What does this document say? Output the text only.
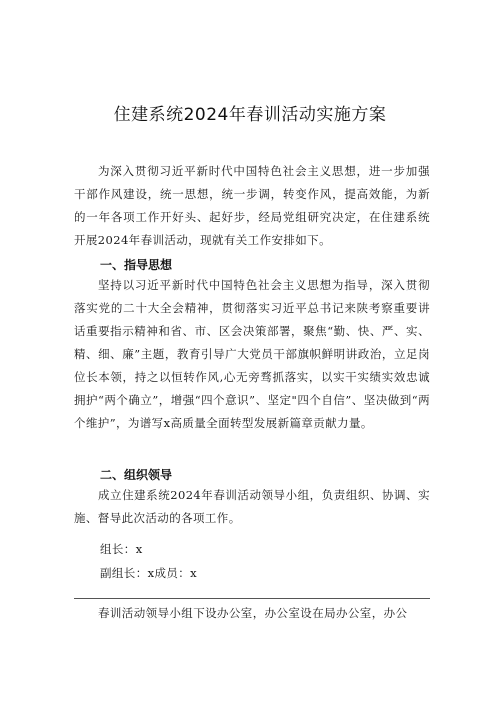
住建系统2024年春训活动实施方案
为深入贯彻习近平新时代中国特色社会主义思想，进一步加强干部作风建设，统一思想，统一步调，转变作风，提高效能，为新的一年各项工作开好头、起好步，经局党组研究决定，在住建系统开展2024年春训活动，现就有关工作安排如下。
一、指导思想
坚持以习近平新时代中国特色社会主义思想为指导，深入贯彻落实党的二十大全会精神，贯彻落实习近平总书记来陕考察重要讲话重要指示精神和省、市、区会决策部署，聚焦“勤、快、严、实、精、细、廉”主题，教育引导广大党员干部旗帜鲜明讲政治，立足岗位长本领，持之以恒转作风,心无旁骛抓落实，以实干实绩实效忠诚拥护“两个确立”，增强“四个意识”、坚定"四个自信”、坚决做到“两个维护”，为谱写x高质量全面转型发展新篇章贡献力量。
二、组织领导
成立住建系统2024年春训活动领导小组，负责组织、协调、实施、督导此次活动的各项工作。
组长：x
副组长：x成员：x
春训活动领导小组下设办公室，办公室设在局办公室，办公
